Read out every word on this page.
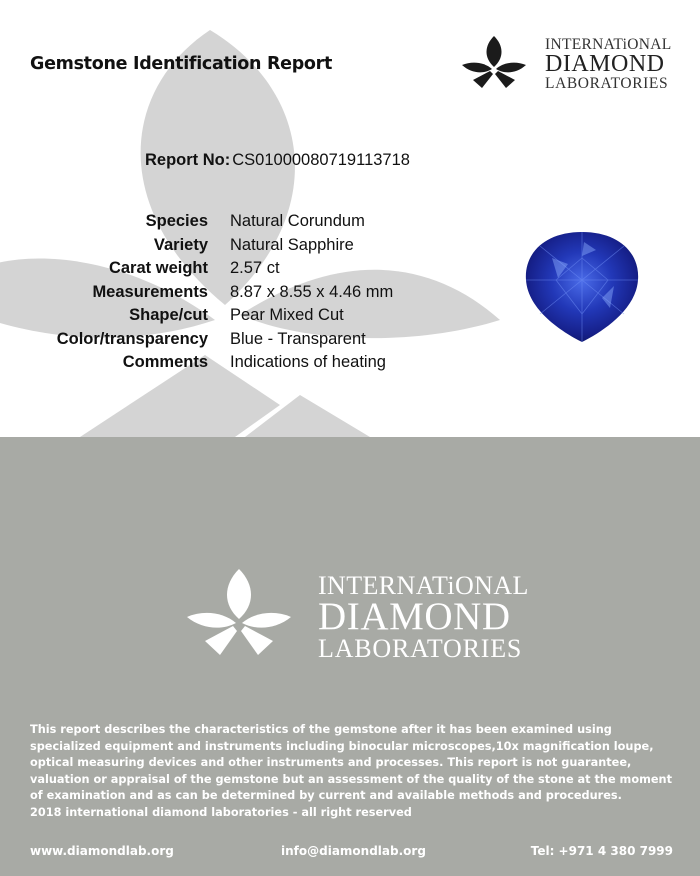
Gemstone Identification Report
INTERNATiONAL
DIAMOND
LABORATORIES
Report No: CS01000080719113718
Species Natural Corundum
Variety Natural Sapphire
Carat weight 2.57 ct
Measurements 8.87 x 8.55 x 4.46 mm
Shape/cut Pear Mixed Cut
Color/transparency Blue - Transparent
Comments Indications of heating
INTERNATiONAL
DIAMOND
LABORATORIES
This report describes the characteristics of the gemstone after it has been examined using specialized equipment and instruments including binocular microscopes,10x magnification loupe, optical measuring devices and other instruments and processes. This report is not guarantee, valuation or appraisal of the gemstone but an assessment of the quality of the stone at the moment of examination and as can be determined by current and available methods and procedures.
2018 international diamond laboratories - all right reserved
www.diamondlab.org	info@diamondlab.org	Tel: +971 4 380 7999
